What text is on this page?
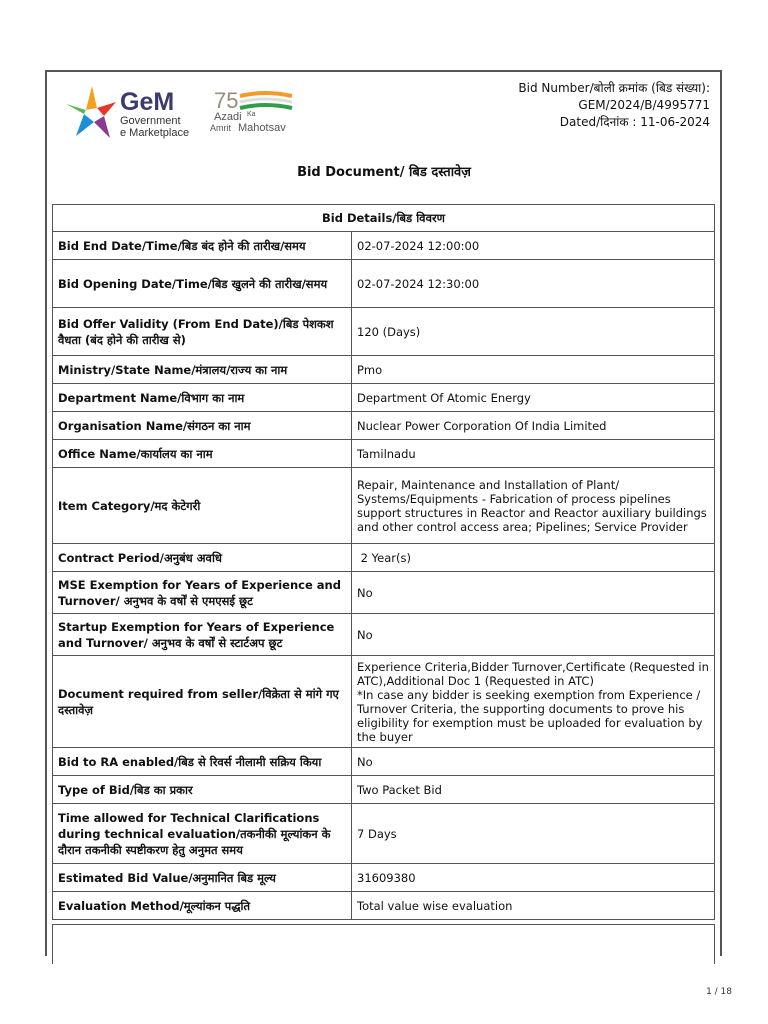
GeM
Government
e Marketplace
75
Azadi Ka
Amrit Mahotsav
Bid Number/बोली क्रमांक (बिड संख्या):
GEM/2024/B/4995771
Dated/दिनांक : 11-06-2024
Bid Document/ बिड दस्तावेज़
Bid Details/बिड विवरण	
Bid End Date/Time/बिड बंद होने की तारीख/समय	02-07-2024 12:00:00
Bid Opening Date/Time/बिड खुलने की तारीख/समय	02-07-2024 12:30:00
Bid Offer Validity (From End Date)/बिड पेशकश वैधता (बंद होने की तारीख से)	120 (Days)
Ministry/State Name/मंत्रालय/राज्य का नाम	Pmo
Department Name/विभाग का नाम	Department Of Atomic Energy
Organisation Name/संगठन का नाम	Nuclear Power Corporation Of India Limited
Office Name/कार्यालय का नाम	Tamilnadu
Item Category/मद केटेगरी	Repair, Maintenance and Installation of Plant/ Systems/Equipments - Fabrication of process pipelines support structures in Reactor and Reactor auxiliary buildings and other control access area; Pipelines; Service Provider
Contract Period/अनुबंध अवधि	2 Year(s)
MSE Exemption for Years of Experience and Turnover/ अनुभव के वर्षों से एमएसई छूट	No
Startup Exemption for Years of Experience and Turnover/ अनुभव के वर्षों से स्टार्टअप छूट	No
Document required from seller/विक्रेता से मांगे गए दस्तावेज़	Experience Criteria,Bidder Turnover,Certificate (Requested in ATC),Additional Doc 1 (Requested in ATC)
*In case any bidder is seeking exemption from Experience / Turnover Criteria, the supporting documents to prove his eligibility for exemption must be uploaded for evaluation by the buyer
Bid to RA enabled/बिड से रिवर्स नीलामी सक्रिय किया	No
Type of Bid/बिड का प्रकार	Two Packet Bid
Time allowed for Technical Clarifications during technical evaluation/तकनीकी मूल्यांकन के दौरान तकनीकी स्पष्टीकरण हेतु अनुमत समय	7 Days
Estimated Bid Value/अनुमानित बिड मूल्य	31609380
Evaluation Method/मूल्यांकन पद्धति	Total value wise evaluation
1 / 18
